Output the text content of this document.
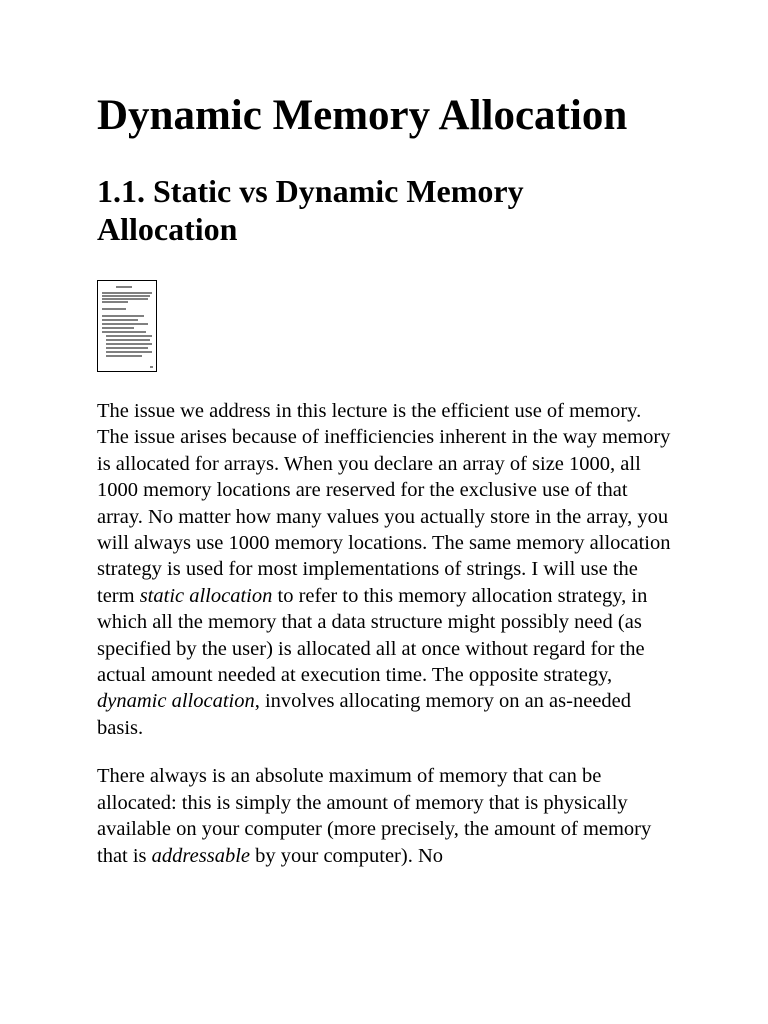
Dynamic Memory Allocation
1.1. Static vs Dynamic Memory Allocation

The issue we address in this lecture is the efficient use of memory. The issue arises because of inefficiencies inherent in the way memory is allocated for arrays. When you declare an array of size 1000, all 1000 memory locations are reserved for the exclusive use of that array. No matter how many values you actually store in the array, you will always use 1000 memory locations. The same memory allocation strategy is used for most implementations of strings. I will use the term static allocation to refer to this memory allocation strategy, in which all the memory that a data structure might possibly need (as specified by the user) is allocated all at once without regard for the actual amount needed at execution time. The opposite strategy, dynamic allocation, involves allocating memory on an as-needed basis.

There always is an absolute maximum of memory that can be allocated: this is simply the amount of memory that is physically available on your computer (more precisely, the amount of memory that is addressable by your computer). No
